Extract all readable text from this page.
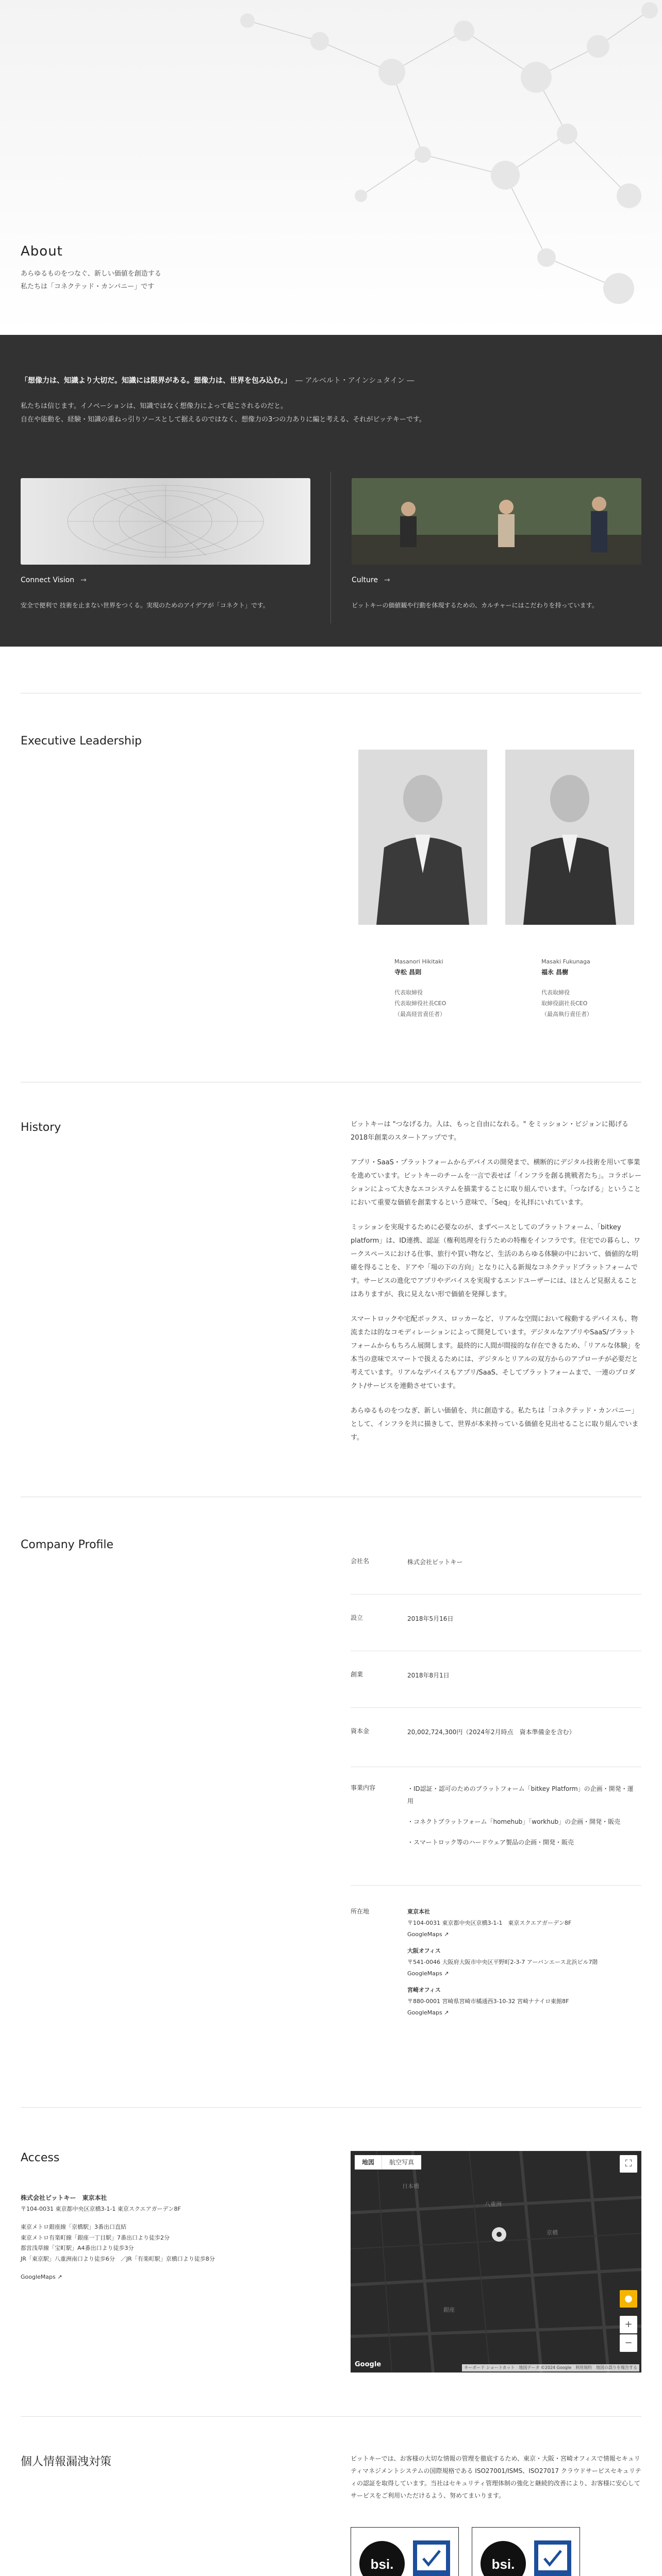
About
あらゆるものをつなぐ、新しい価値を創造する
私たちは「コネクテッド・カンパニー」です
「想像力は、知識より大切だ。知識には限界がある。想像力は、世界を包み込む。」 ― アルベルト・アインシュタイン ―
私たちは信じます。イノベーションは、知識ではなく想像力によって起こされるのだと。
自在や能動を、経験・知識の重ねっ引りソースとして据えるのではなく、想像力の3つの力ありに編と考える、それがビッテキーです。
Connect Vision →
安全で便利で 技術を止まない世界をつくる。実現のためのアイデアが「コネクト」です。
Culture →
ビットキーの価値観や行動を体現するための、カルチャーにはこだわりを持っています。
Executive Leadership
Masanori Hikitaki
寺松 昌則
代表取締役
代表取締役社長CEO
（最高経営責任者）
Masaki Fukunaga
福永 昌樹
代表取締役
取締役副社長CEO
（最高執行責任者）
History	ビットキーは "つなげる力。人は、もっと自由になれる。" をミッション・ビジョンに掲げる2018年創業のスタートアップです。

アプリ・SaaS・プラットフォームからデバイスの開発まで、横断的にデジタル技術を用いて事業を進めています。ビットキーのチームを一言で表せば「インフラを創る挑戦者たち」。コラボレーションによって大きなエコシステムを描業することに取り組んでいます。「つなげる」ということにおいて重要な価値を創業するという意味で、「Seq」を礼拝にいれています。

ミッションを実現するために必要なのが、まずベースとしてのプラットフォーム、「bitkey platform」は、ID連携、認証（権利処理を行うための特権をインフラです。住宅での暮らし、ワークスペースにおける仕事、旅行や買い物など、生活のあらゆる体験の中において、価値的な明確を得ることを、ドアや「場の下の方向」となりに入る新規なコネクテッドプラットフォームです。サービスの進化でアプリやデバイスを実現するエンドユーザーには、ほとんど見据えることはありますが、我に見えない形で価値を発揮します。

スマートロックや宅配ボックス、ロッカーなど、リアルな空間において稼動するデバイスも、物流または的なコモディレーションによって開発しています。デジタルなアプリやSaaS/プラットフォームからもちろん展開します。最終的に人間が間接的な存在できるため、「リアルな体験」を本当の意味でスマートで扱えるためには、デジタルとリアルの双方からのアプローチが必要だと考えています。リアルなデバイスもアプリ/SaaS、そしてプラットフォームまで、一連のプロダクト/サービスを連動させています。

あらゆるものをつなぎ、新しい価値を、共に創造する。私たちは「コネクテッド・カンパニー」として、インフラを共に描きして、世界が本来持っている価値を見出せることに取り組んでいます。

Company Profile
会社名	株式会社ビットキー
設立	2018年5月16日
創業	2018年8月1日
資本金	20,002,724,300円（2024年2月時点　資本準備金を含む）
事業内容	・ID認証・認可のためのプラットフォーム「bitkey Platform」の企画・開発・運用
・コネクトプラットフォーム「homehub」「workhub」の企画・開発・販売
・スマートロック等のハードウェア製品の企画・開発・販売
所在地	東京本社
〒104-0031 東京都中央区京橋3-1-1　東京スクエアガーデン8F
GoogleMaps ↗
大阪オフィス
〒541-0046 大阪府大阪市中央区平野町2-3-7 アーバンエース北浜ビル7階
GoogleMaps ↗
宮崎オフィス
〒880-0001 宮崎県宮崎市橘通西3-10-32 宮崎ナナイロ東館8F
GoogleMaps ↗
Access
株式会社ビットキー　東京本社
〒104-0031 東京都中央区京橋3-1-1 東京スクエアガーデン8F
東京メトロ銀座線「京橋駅」3番出口直結
東京メトロ有楽町線「銀座一丁目駅」7番出口より徒歩2分
都営浅草線「宝町駅」A4番出口より徒歩3分
JR「東京駅」八重洲南口より徒歩6分　／JR「有楽町駅」京橋口より徒歩8分
GoogleMaps ↗
地図	航空写真	⛶
八重洲
京橋
日本橋
銀座
●
+
−
Google	キーボード ショートカット　地図データ ©2024 Google　利用規約　地図の誤りを報告する
個人情報漏洩対策	ビットキーでは、お客様の大切な情報の管理を徹底するため、東京・大阪・宮崎オフィスで情報セキュリティマネジメントシステムの国際規格である ISO27001/ISMS、ISO27017 クラウドサービスセキュリティの認証を取得しています。当社はセキュリティ管理体制の強化と継続的改善により、お客様に安心してサービスをご利用いただけるよう、努めてまいります。
bsi.	bsi.
